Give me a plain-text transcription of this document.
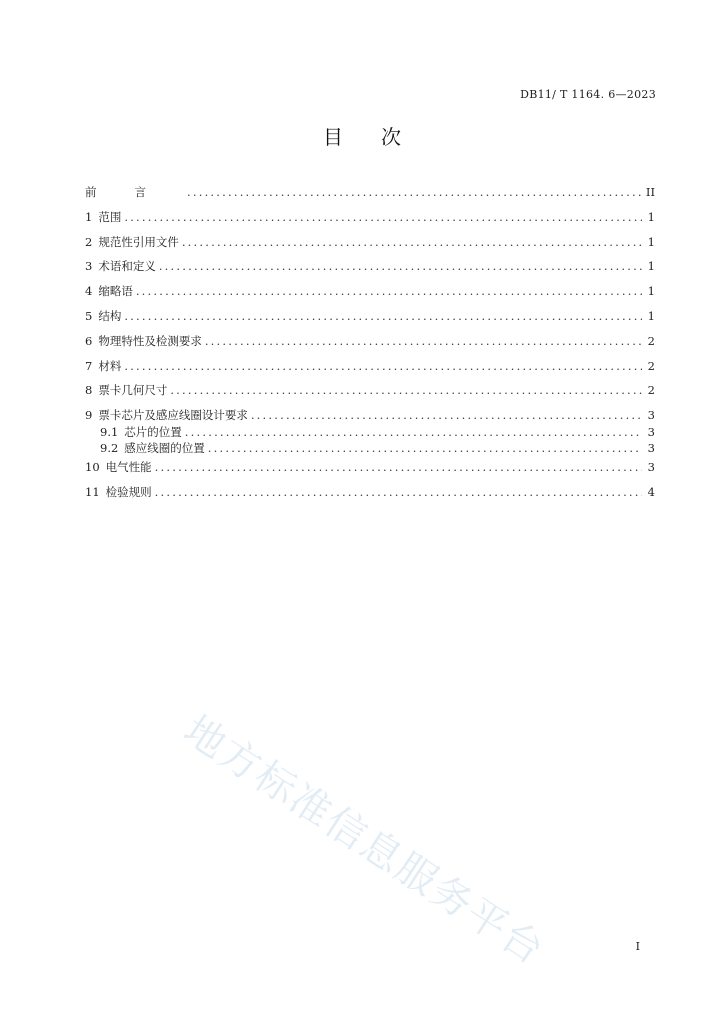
DB11/ T 1164. 6—2023
目次
前言 .....	II
1 范围 .....	1
2 规范性引用文件 .....	1
3 术语和定义 .....	1
4 缩略语 .....	1
5 结构 .....	1
6 物理特性及检测要求 .....	2
7 材料 .....	2
8 票卡几何尺寸 .....	2
9 票卡芯片及感应线圈设计要求 .....	3
9.1 芯片的位置 .....	3
9.2 感应线圈的位置 .....	3
10 电气性能 .....	3
11 检验规则 .....	4
地方标准信息服务平台	I
